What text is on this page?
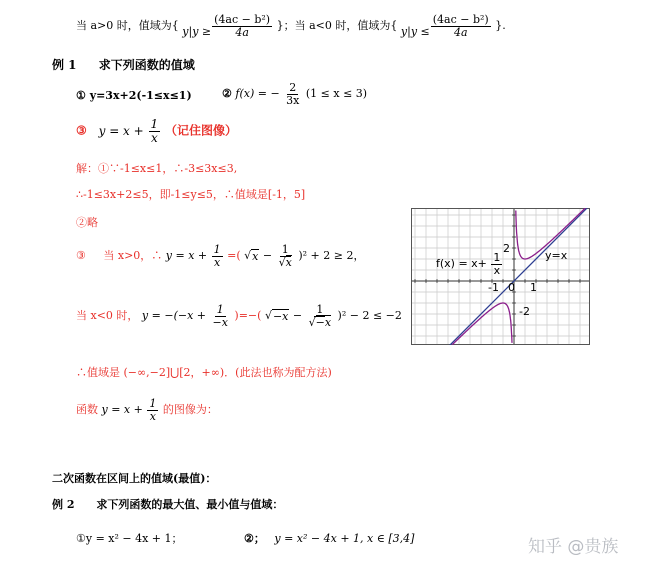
当 a>0 时，值域为{ y | $y \ge \frac{\text{(4ac − b²)}}{4a}$ }；当 a<0 时，值域为{ y | $y \le \frac{\text{(4ac − b²)}}{4a}$ }.
例 1 求下列函数的值域
① y=3x+2(-1≤x≤1)	② f(x) = − $\frac{2}{3x} (1 \le x \le 3)$
③ $y = x + \frac{1}{x}$ （记住图像）
解：①∵-1≤x≤1，∴-3≤3x≤3,
∴-1≤3x+2≤5，即-1≤y≤5，∴值域是[-1，5]
②略
③ 当 x>0，∴ $y = x + \frac{1}{x}$ =( √ $x - \frac{1}{√x} )^2 + 2 \ge 2$，
当 x<0 时， $y = -(-x + \frac{1}{-x}$ )=−( √ $-x - \frac{1}{√-x} )^2 - 2 \le -2$
∴值域是 (−∞,−2]⋃[2，+∞)．(此法也称为配方法)
函数 $y = x + \frac{1}{x}$ 的图像为：
$f(x) = x+ \frac{1}{x}$	y=x
2
-2
-1 0 1
二次函数在区间上的值域(最值)：
例 2 求下列函数的最大值、最小值与值域：
①y = x² − 4x + 1；	②； y = x² − 4x + 1, x ∈ [3,4]	知乎 @贵族
